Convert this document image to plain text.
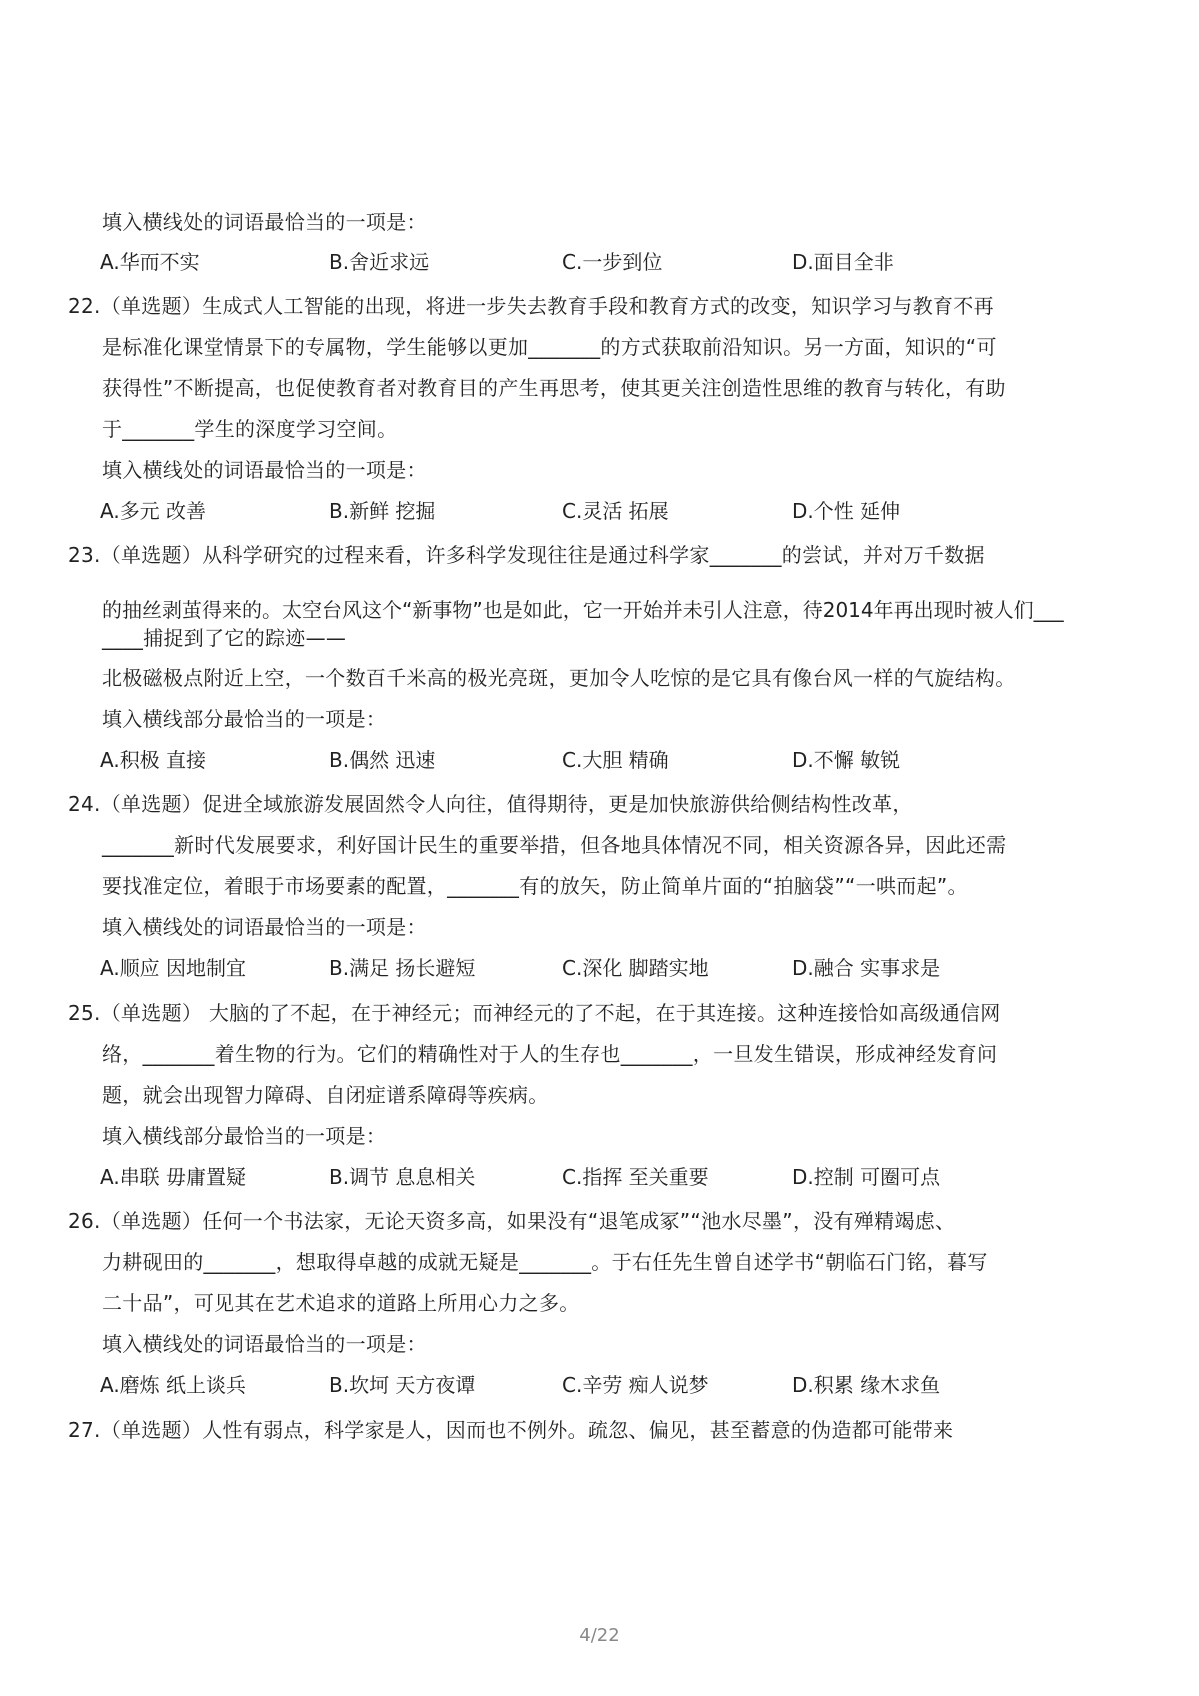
填入横线处的词语最恰当的一项是：
A.华而不实	B.舍近求远	C.一步到位	D.面目全非
22.（单选题）生成式人工智能的出现，将进一步失去教育手段和教育方式的改变，知识学习与教育不再
是标准化课堂情景下的专属物，学生能够以更加_______的方式获取前沿知识。另一方面，知识的“可
获得性”不断提高，也促使教育者对教育目的产生再思考，使其更关注创造性思维的教育与转化，有助
于_______学生的深度学习空间。
填入横线处的词语最恰当的一项是：
A.多元 改善	B.新鲜 挖掘	C.灵活 拓展	D.个性 延伸
23.（单选题）从科学研究的过程来看，许多科学发现往往是通过科学家_______的尝试，并对万千数据
的抽丝剥茧得来的。太空台风这个“新事物”也是如此，它一开始并未引人注意，待2014年再出现时被人们___
____捕捉到了它的踪迹——
北极磁极点附近上空，一个数百千米高的极光亮斑，更加令人吃惊的是它具有像台风一样的气旋结构。
填入横线部分最恰当的一项是：
A.积极 直接	B.偶然 迅速	C.大胆 精确	D.不懈 敏锐
24.（单选题）促进全域旅游发展固然令人向往，值得期待，更是加快旅游供给侧结构性改革，
_______新时代发展要求，利好国计民生的重要举措，但各地具体情况不同，相关资源各异，因此还需
要找准定位，着眼于市场要素的配置，_______有的放矢，防止简单片面的“拍脑袋”“一哄而起”。
填入横线处的词语最恰当的一项是：
A.顺应 因地制宜	B.满足 扬长避短	C.深化 脚踏实地	D.融合 实事求是
25.（单选题） 大脑的了不起，在于神经元；而神经元的了不起，在于其连接。这种连接恰如高级通信网
络，_______着生物的行为。它们的精确性对于人的生存也_______，一旦发生错误，形成神经发育问
题，就会出现智力障碍、自闭症谱系障碍等疾病。
填入横线部分最恰当的一项是：
A.串联 毋庸置疑	B.调节 息息相关	C.指挥 至关重要	D.控制 可圈可点
26.（单选题）任何一个书法家，无论天资多高，如果没有“退笔成冢”“池水尽墨”，没有殚精竭虑、
力耕砚田的_______，想取得卓越的成就无疑是_______。于右任先生曾自述学书“朝临石门铭，暮写
二十品”，可见其在艺术追求的道路上所用心力之多。
填入横线处的词语最恰当的一项是：
A.磨炼 纸上谈兵	B.坎坷 天方夜谭	C.辛劳 痴人说梦	D.积累 缘木求鱼
27.（单选题）人性有弱点，科学家是人，因而也不例外。疏忽、偏见，甚至蓄意的伪造都可能带来
4/22
